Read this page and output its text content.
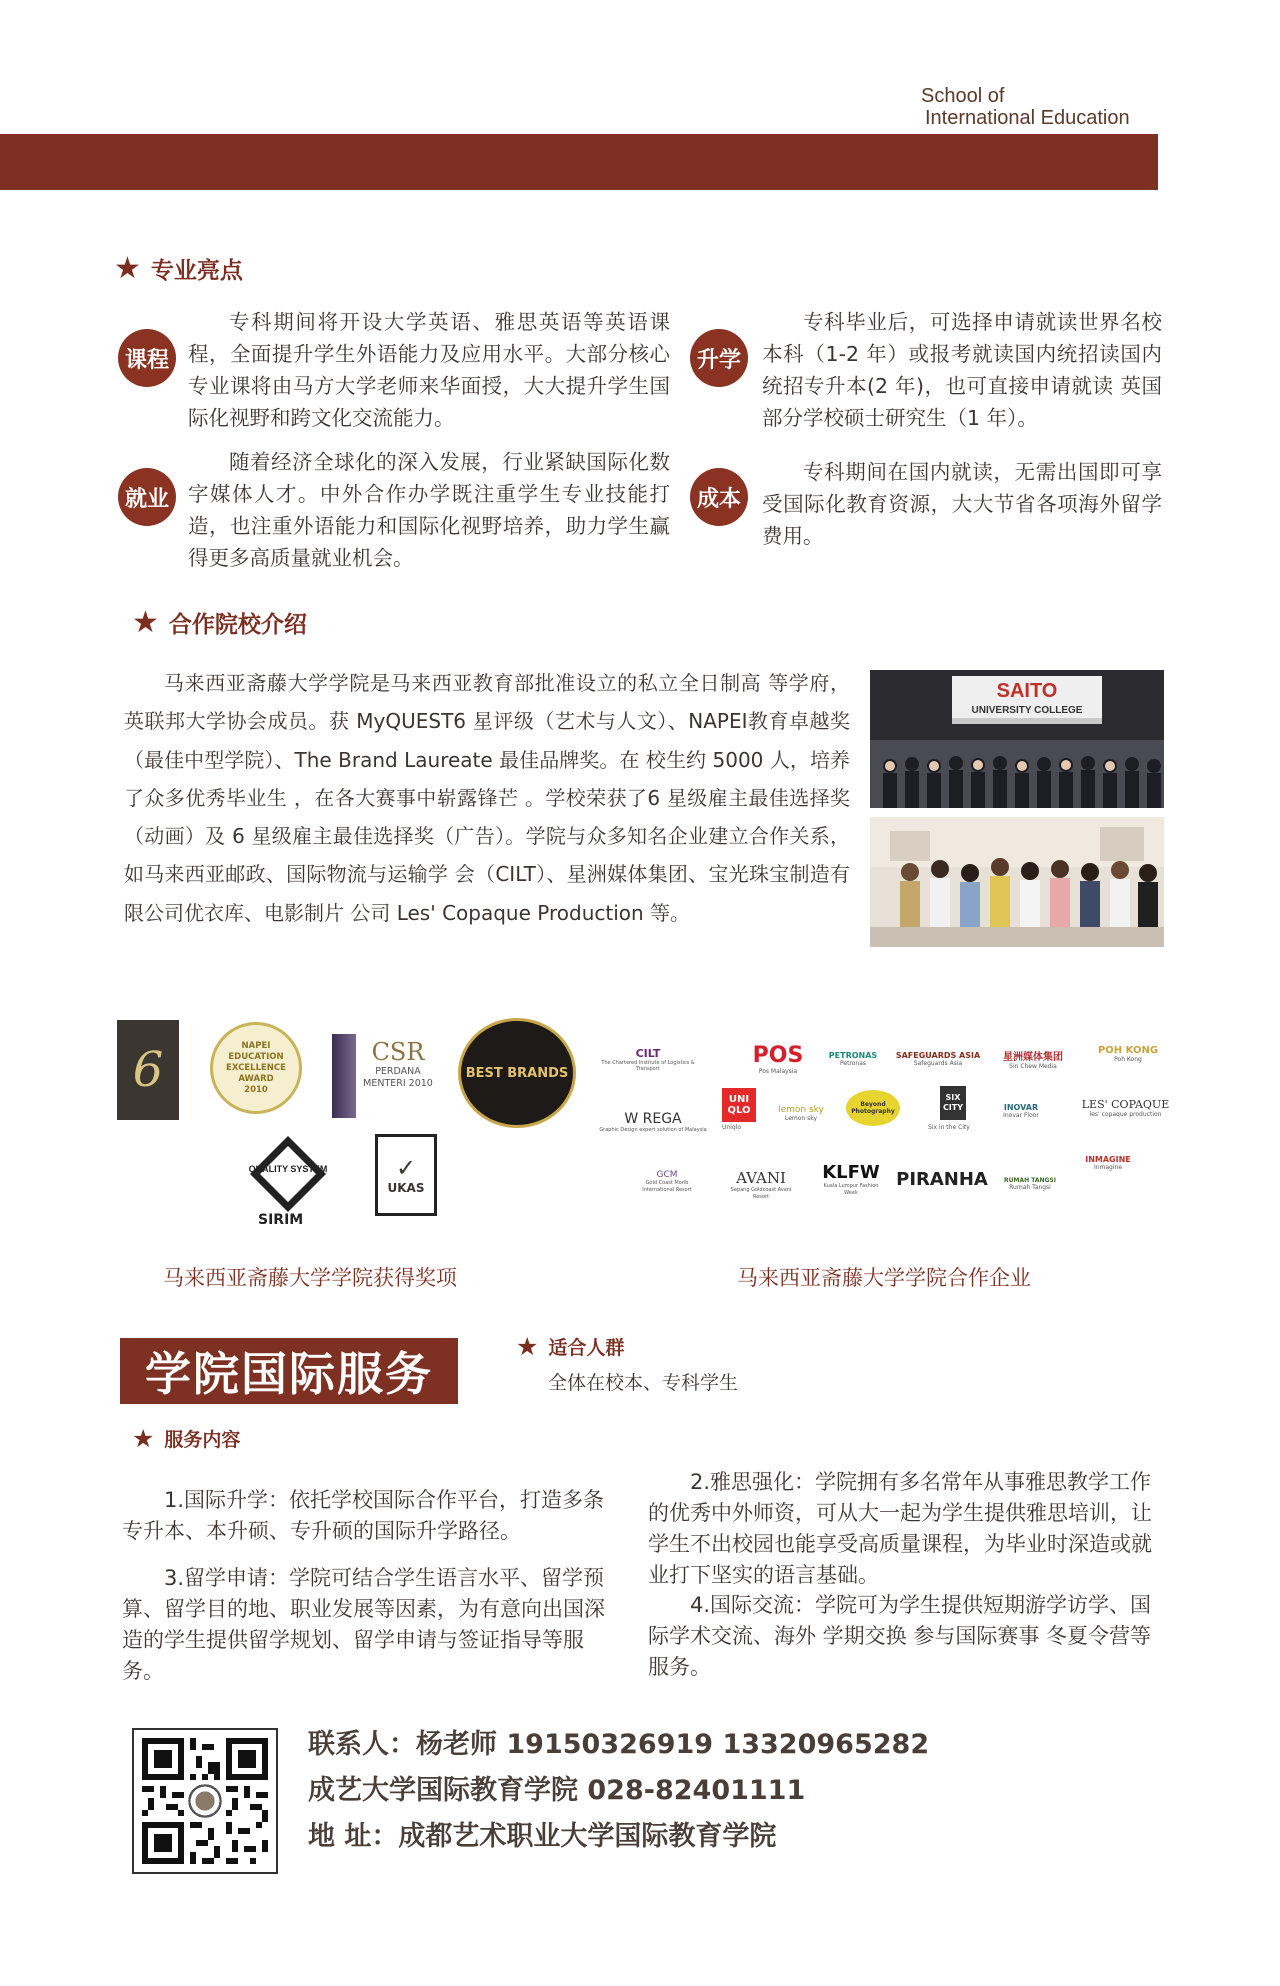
School of
International Education
★ 专业亮点
课程
专科期间将开设大学英语、雅思英语等英语课程，全面提升学生外语能力及应用水平。大部分核心专业课将由马方大学老师来华面授，大大提升学生国际化视野和跨文化交流能力。
升学
专科毕业后，可选择申请就读世界名校本科（1-2 年）或报考就读国内统招读国内统招专升本(2 年)，也可直接申请就读 英国部分学校硕士研究生（1 年）。
就业
随着经济全球化的深入发展，行业紧缺国际化数字媒体人才。中外合作办学既注重学生专业技能打造，也注重外语能力和国际化视野培养，助力学生赢得更多高质量就业机会。
成本
专科期间在国内就读，无需出国即可享受国际化教育资源，大大节省各项海外留学费用。
★ 合作院校介绍
马来西亚斋藤大学学院是马来西亚教育部批准设立的私立全日制高 等学府，英联邦大学协会成员。获 MyQUEST6 星评级（艺术与人文）、NAPEI教育卓越奖（最佳中型学院）、The Brand Laureate 最佳品牌奖。在 校生约 5000 人，培养了众多优秀毕业生 ，在各大赛事中崭露锋芒 。学校荣获了6 星级雇主最佳选择奖（动画）及 6 星级雇主最佳选择奖（广告）。学院与众多知名企业建立合作关系，如马来西亚邮政、国际物流与运输学 会（CILT）、星洲媒体集团、宝光珠宝制造有限公司优衣库、电影制片 公司 Les' Copaque Production 等。
SAITO
UNIVERSITY COLLEGE
6	NAPEI EDUCATION EXCELLENCE AWARD 2010
CSR
PERDANA MENTERI 2010
BEST BRANDS
QUALITY SYSTEM
SIRIM
✓
UKAS
马来西亚斋藤大学学院获得奖项
CILT
The Chartered Institute of Logistics & Transport
POS
Pos Malaysia
PETRONAS
Petronas
SAFEGUARDS ASIA
Safeguards Asia
星洲媒体集团
Sin Chew Media
POH KONG
Poh Kong
W REGA
Graphic Design expert solution of Malaysia
UNI QLO
Uniqlo
lemon sky
Lemon sky
Beyond Photography
SIX CITY
Six in the City
INOVAR
Inovar Floor
LES' COPAQUE
les' copaque production
GCM
Gold Coast Morib International Resort
AVANI
Sepang Goldcoast Avani Resort
KLFW
Kuala Lumpur Fashion Week
PIRANHA	RUMAH TANGSI
Rumah Tangsi
INMAGINE
Inmagine
马来西亚斋藤大学学院合作企业
学院国际服务
★ 适合人群
全体在校本、专科学生
★ 服务内容
1.国际升学：依托学校国际合作平台，打造多条专升本、本升硕、专升硕的国际升学路径。
3.留学申请：学院可结合学生语言水平、留学预算、留学目的地、职业发展等因素，为有意向出国深造的学生提供留学规划、留学申请与签证指导等服务。
2.雅思强化：学院拥有多名常年从事雅思教学工作的优秀中外师资，可从大一起为学生提供雅思培训，让学生不出校园也能享受高质量课程，为毕业时深造或就业打下坚实的语言基础。
4.国际交流：学院可为学生提供短期游学访学、国际学术交流、海外 学期交换 参与国际赛事 冬夏令营等服务。
联系人：杨老师 19150326919 13320965282
成艺大学国际教育学院 028-82401111
地 址：成都艺术职业大学国际教育学院
